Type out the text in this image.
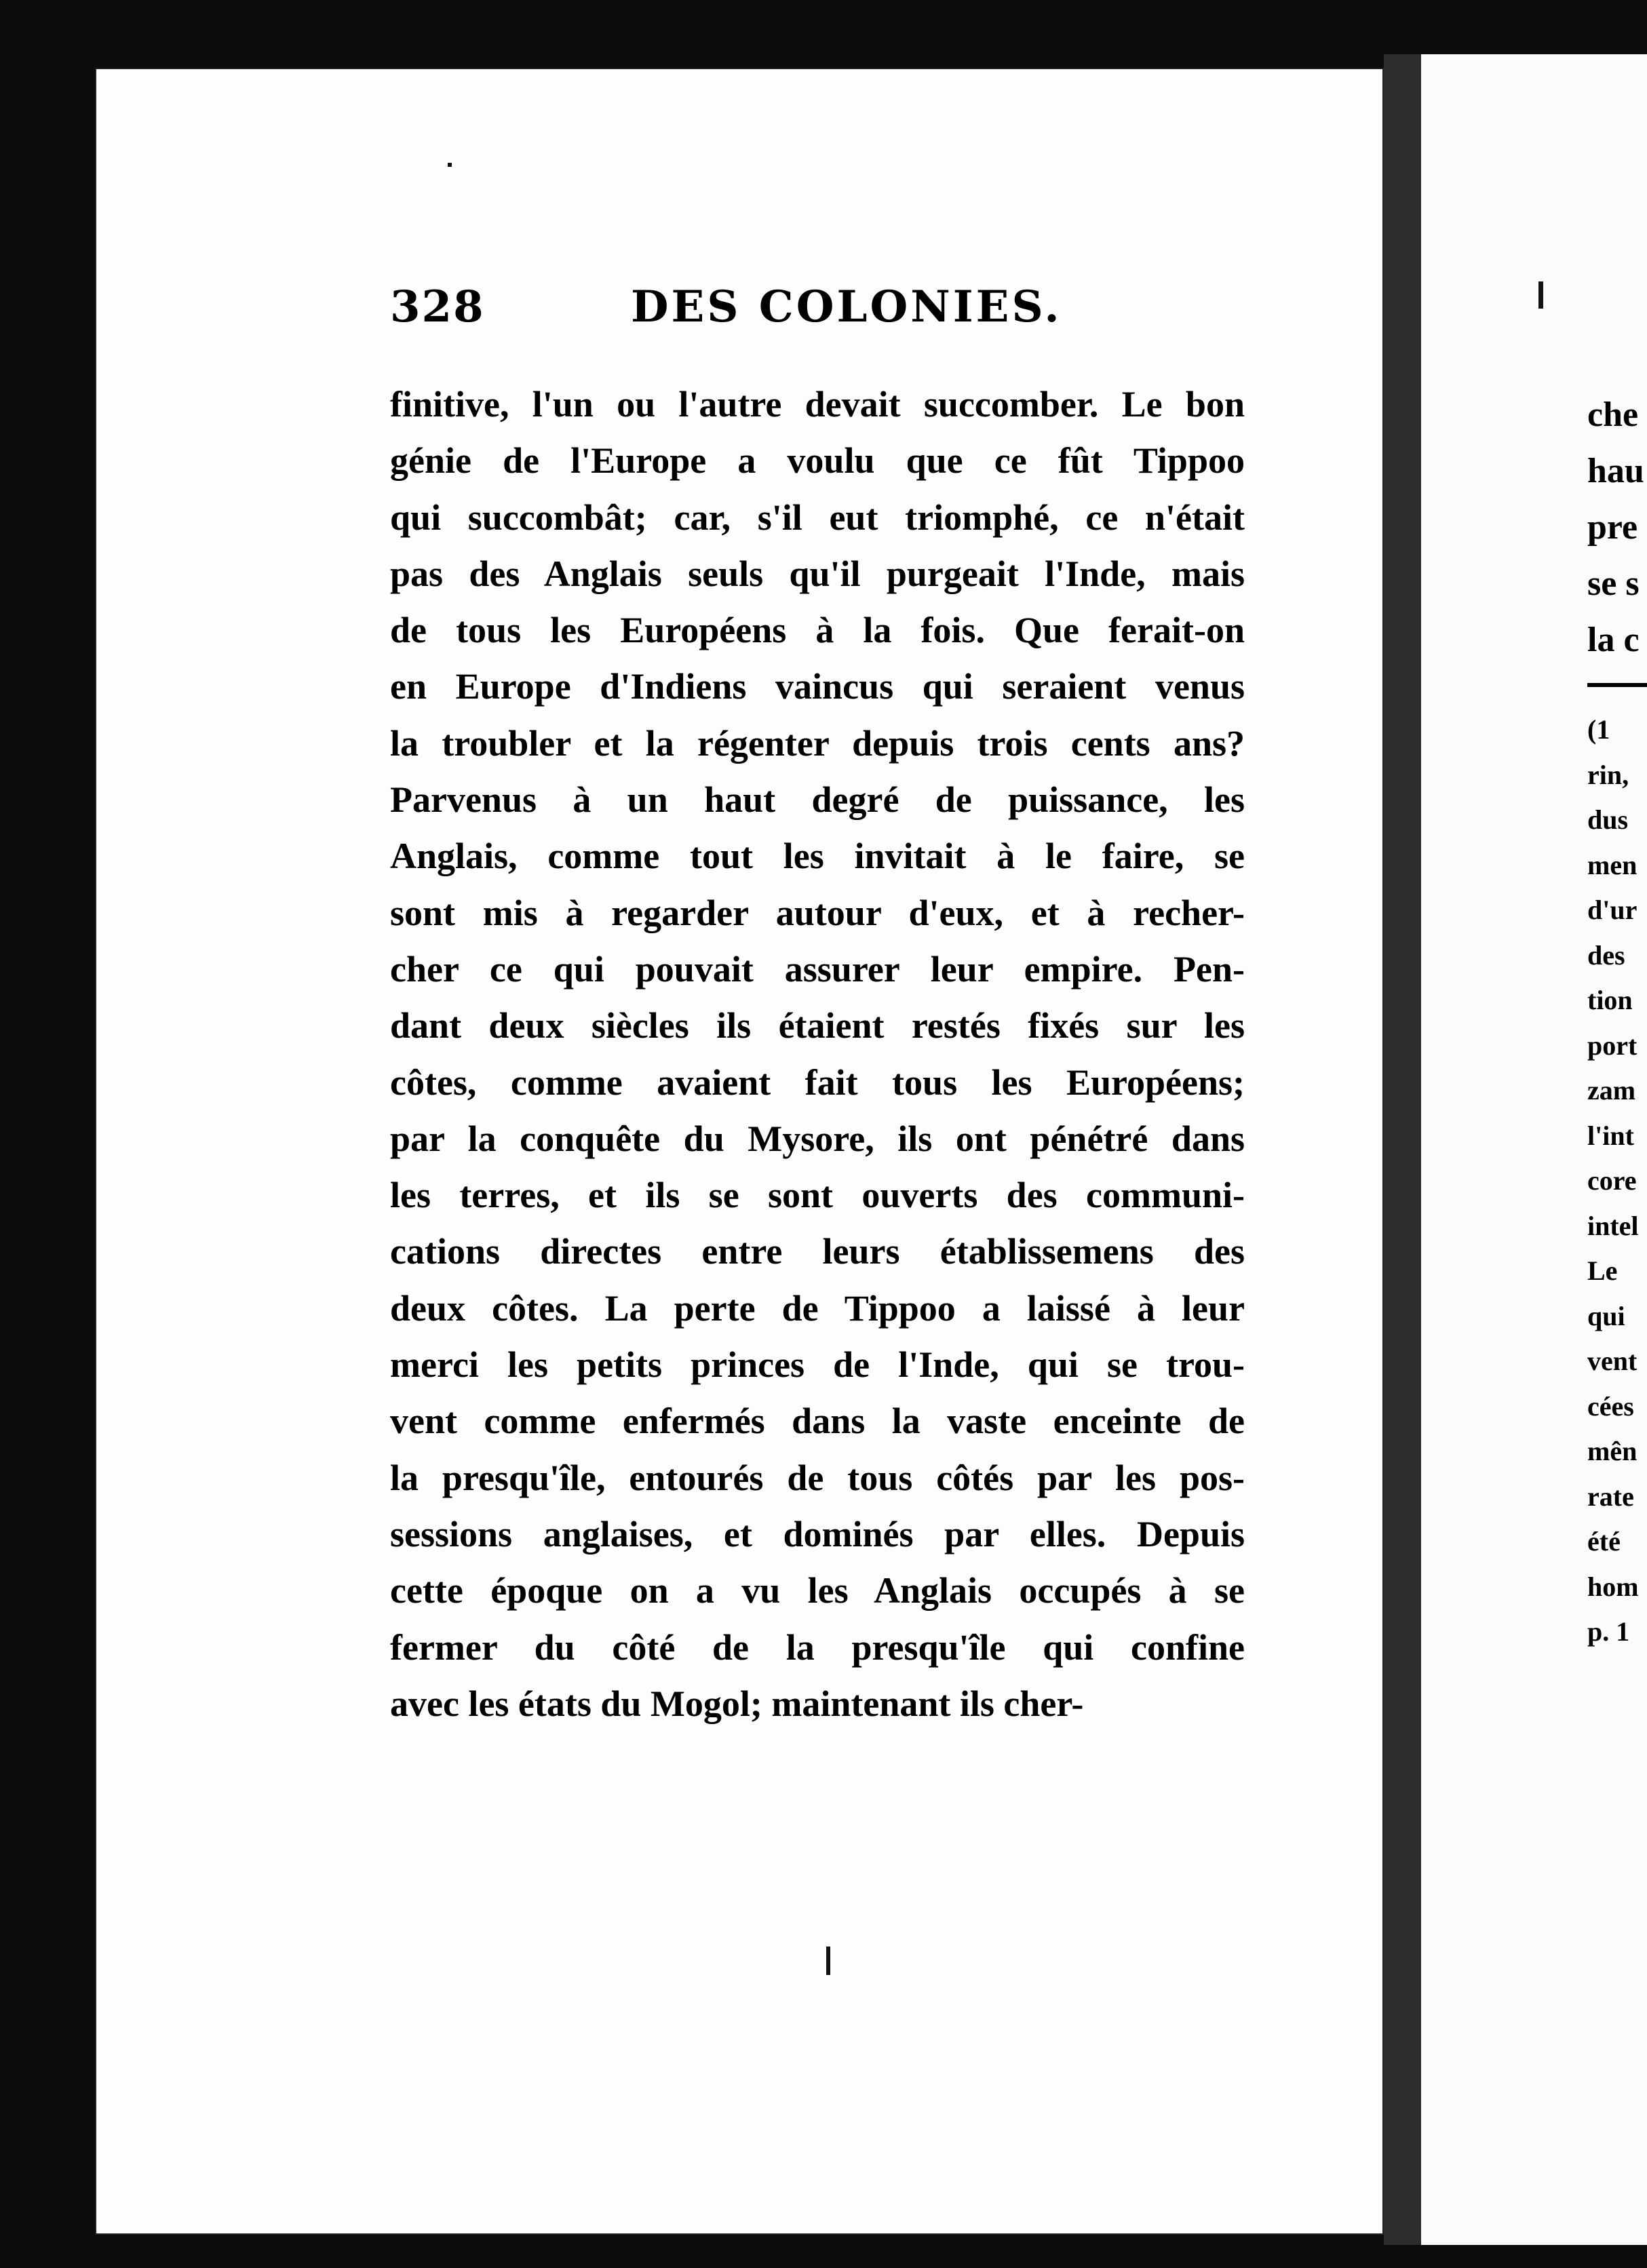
328	DES COLONIES.
finitive, l'un ou l'autre devait succomber. Le bon
génie de l'Europe a voulu que ce fût Tippoo
qui succombât; car, s'il eut triomphé, ce n'était
pas des Anglais seuls qu'il purgeait l'Inde, mais
de tous les Européens à la fois. Que ferait-on
en Europe d'Indiens vaincus qui seraient venus
la troubler et la régenter depuis trois cents ans?
Parvenus à un haut degré de puissance, les
Anglais, comme tout les invitait à le faire, se
sont mis à regarder autour d'eux, et à recher-
cher ce qui pouvait assurer leur empire. Pen-
dant deux siècles ils étaient restés fixés sur les
côtes, comme avaient fait tous les Européens;
par la conquête du Mysore, ils ont pénétré dans
les terres, et ils se sont ouverts des communi-
cations directes entre leurs établissemens des
deux côtes. La perte de Tippoo a laissé à leur
merci les petits princes de l'Inde, qui se trou-
vent comme enfermés dans la vaste enceinte de
la presqu'île, entourés de tous côtés par les pos-
sessions anglaises, et dominés par elles. Depuis
cette époque on a vu les Anglais occupés à se
fermer du côté de la presqu'île qui confine
avec les états du Mogol; maintenant ils cher-
che
hau
pre
se s
la c
(1
rin,
dus
men
d'ur
des
tion
port
zam
l'int
core
intel
Le
qui
vent
cées
mên
rate
été
hom
p. 1
